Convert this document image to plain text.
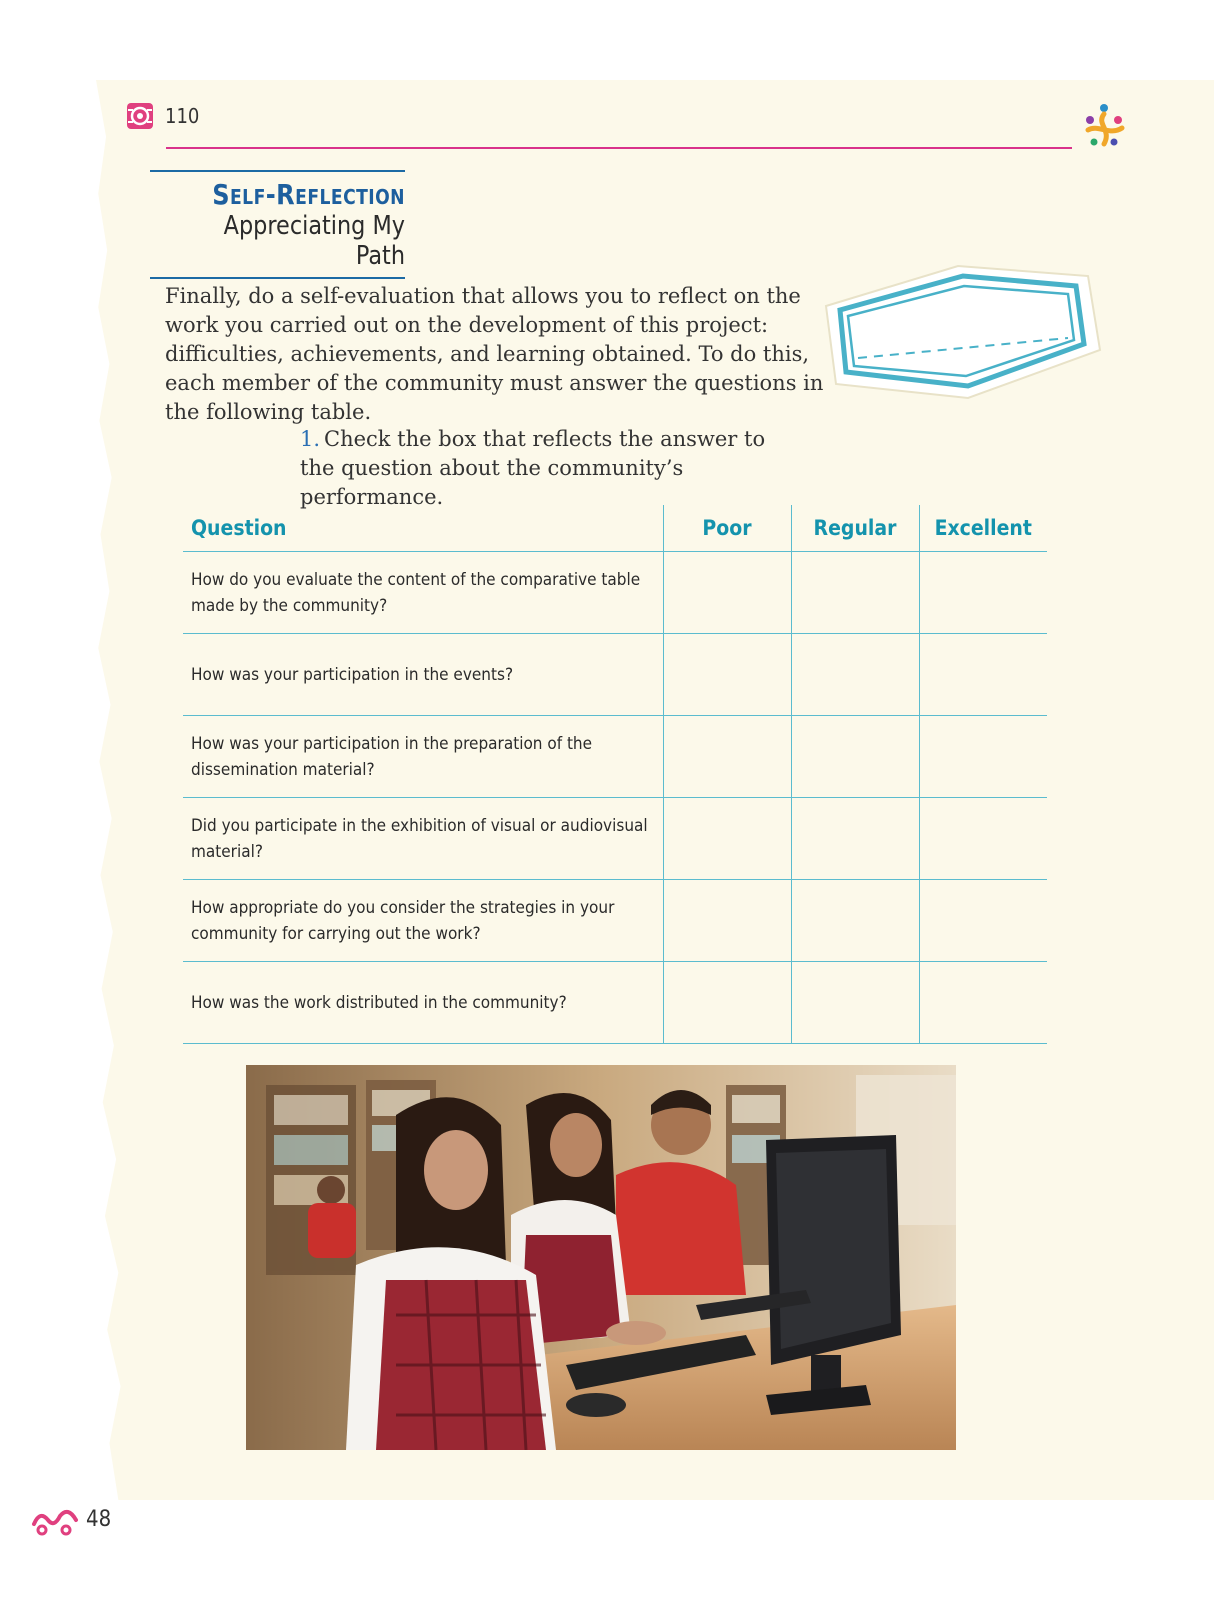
110
Self-Reflection
Appreciating My Path
Finally, do a self-evaluation that allows you to reflect on the work you carried out on the development of this project: difficulties, achievements, and learning obtained. To do this, each member of the community must answer the questions in the following table.
1. Check the box that reflects the answer to the question about the community’s performance.
Question	Poor	Regular	Excellent
How do you evaluate the content of the comparative table made by the community?			
How was your participation in the events?			
How was your participation in the preparation of the dissemination material?			
Did you participate in the exhibition of visual or audiovisual material?			
How appropriate do you consider the strategies in your community for carrying out the work?			
How was the work distributed in the community?			
48
